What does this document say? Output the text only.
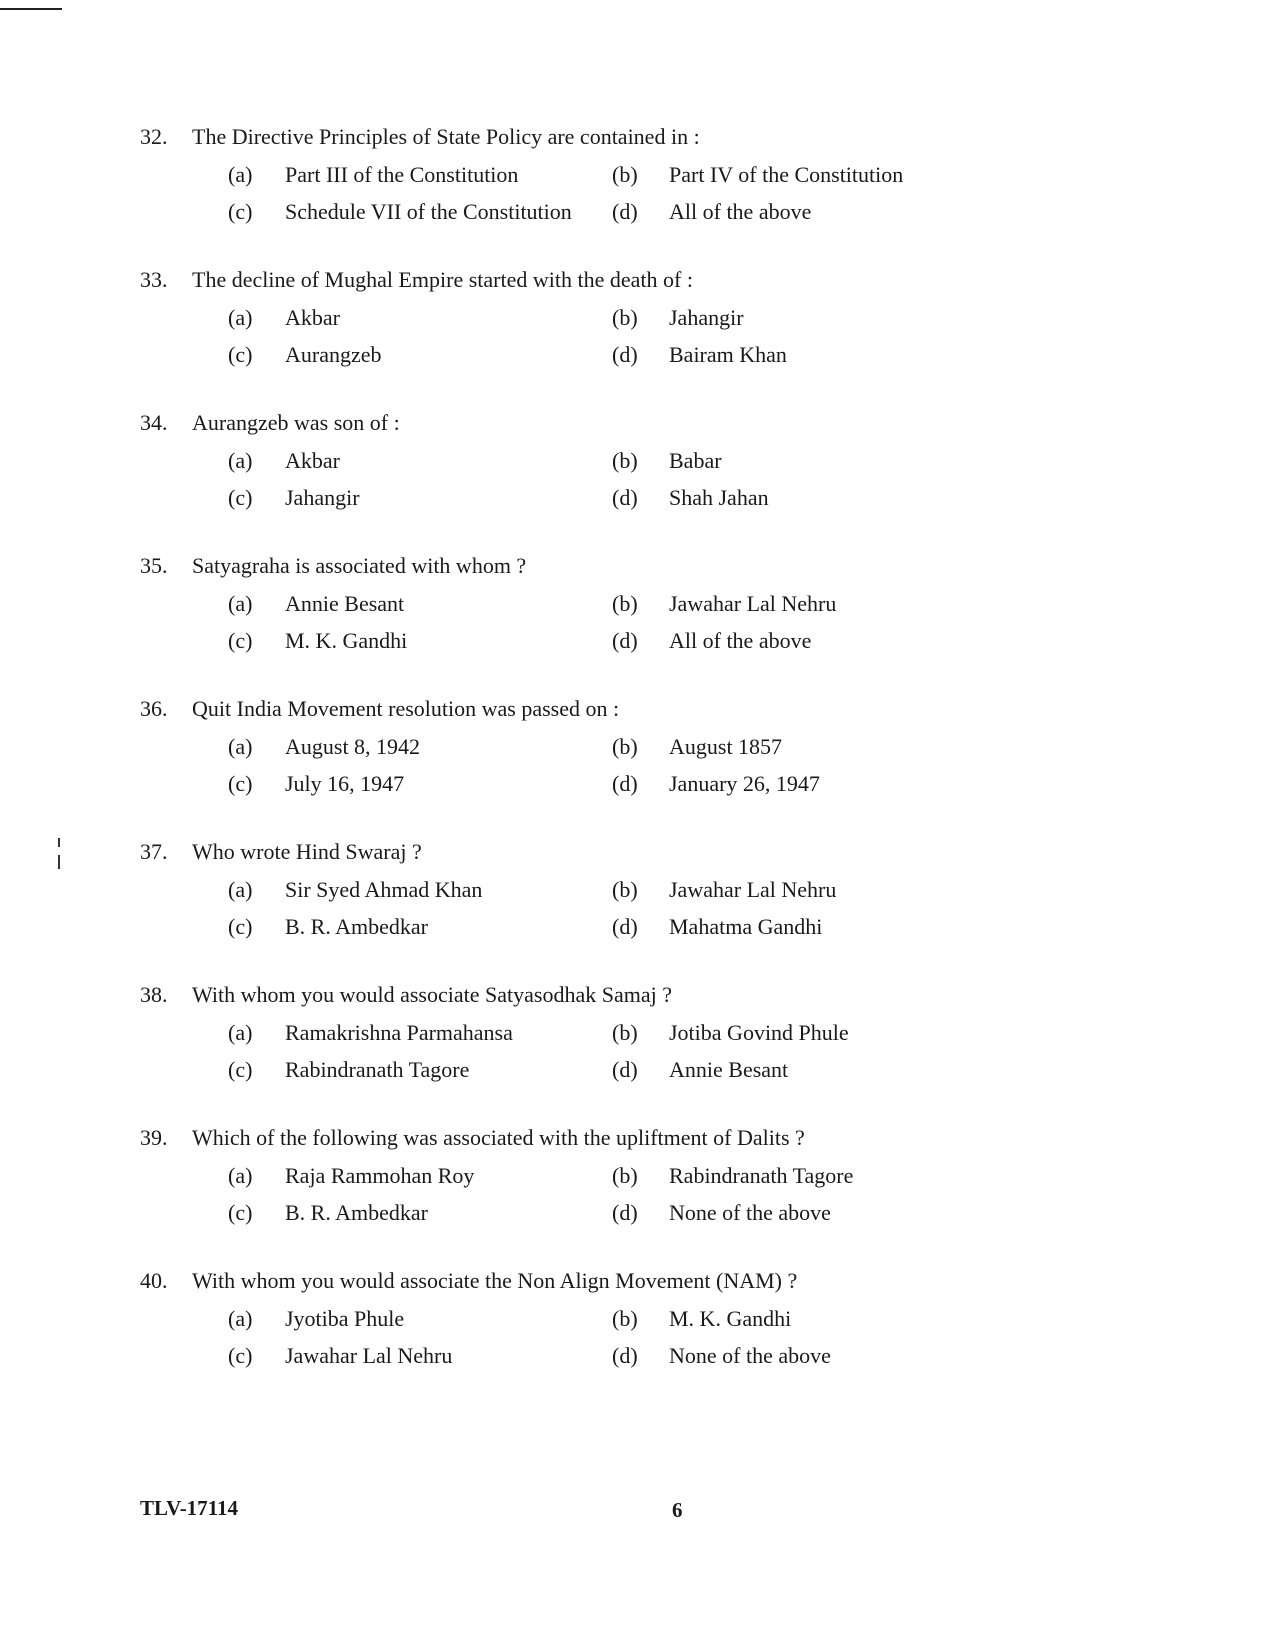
32. The Directive Principles of State Policy are contained in :
(a) Part III of the Constitution	(b) Part IV of the Constitution
(c) Schedule VII of the Constitution (d) All of the above
33. The decline of Mughal Empire started with the death of :
(a) Akbar	(b) Jahangir
(c) Aurangzeb	(d) Bairam Khan
34. Aurangzeb was son of :
(a) Akbar	(b) Babar
(c) Jahangir	(d) Shah Jahan
35. Satyagraha is associated with whom ?
(a) Annie Besant	(b) Jawahar Lal Nehru
(c) M. K. Gandhi	(d) All of the above
36. Quit India Movement resolution was passed on :
(a) August 8, 1942	(b) August 1857
(c) July 16, 1947	(d) January 26, 1947
37. Who wrote Hind Swaraj ?
(a) Sir Syed Ahmad Khan	(b) Jawahar Lal Nehru
(c) B. R. Ambedkar	(d) Mahatma Gandhi
38. With whom you would associate Satyasodhak Samaj ?
(a) Ramakrishna Parmahansa	(b) Jotiba Govind Phule
(c) Rabindranath Tagore	(d) Annie Besant
39. Which of the following was associated with the upliftment of Dalits ?
(a) Raja Rammohan Roy	(b) Rabindranath Tagore
(c) B. R. Ambedkar	(d) None of the above
40. With whom you would associate the Non Align Movement (NAM) ?
(a) Jyotiba Phule	(b) M. K. Gandhi
(c) Jawahar Lal Nehru	(d) None of the above
TLV-17114	6
